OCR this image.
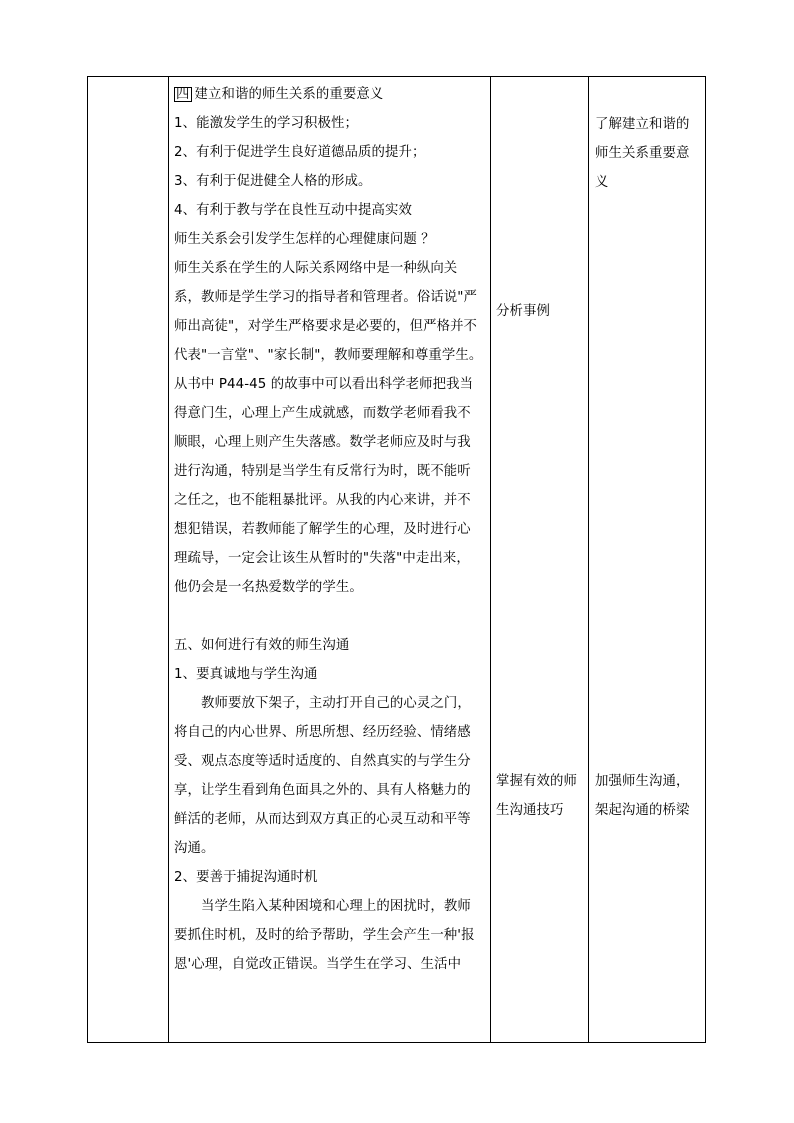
四 建立和谐的师生关系的重要意义
1、能激发学生的学习积极性；
2、有利于促进学生良好道德品质的提升；
3、有利于促进健全人格的形成。
4、有利于教与学在良性互动中提高实效
师生关系会引发学生怎样的心理健康问题 ？
师生关系在学生的人际关系网络中是一种纵向关
系，教师是学生学习的指导者和管理者。俗话说"严
师出高徒"，对学生严格要求是必要的，但严格并不
代表"一言堂"、"家长制"，教师要理解和尊重学生。
从书中 P44-45 的故事中可以看出科学老师把我当
得意门生，心理上产生成就感，而数学老师看我不
顺眼，心理上则产生失落感。数学老师应及时与我
进行沟通，特别是当学生有反常行为时，既不能听
之任之，也不能粗暴批评。从我的内心来讲，并不
想犯错误，若教师能了解学生的心理，及时进行心
理疏导，一定会让该生从暂时的"失落"中走出来，
他仍会是一名热爱数学的学生。
五、如何进行有效的师生沟通
1、要真诚地与学生沟通
教师要放下架子，主动打开自己的心灵之门，
将自己的内心世界、所思所想、经历经验、情绪感
受、观点态度等适时适度的、自然真实的与学生分
享，让学生看到角色面具之外的、具有人格魅力的
鲜活的老师，从而达到双方真正的心灵互动和平等
沟通。
2、要善于捕捉沟通时机
当学生陷入某种困境和心理上的困扰时，教师
要抓住时机，及时的给予帮助，学生会产生一种'报
恩'心理，自觉改正错误。当学生在学习、生活中
分析事例
掌握有效的师
生沟通技巧
了解建立和谐的
师生关系重要意
义
加强师生沟通，
架起沟通的桥梁
